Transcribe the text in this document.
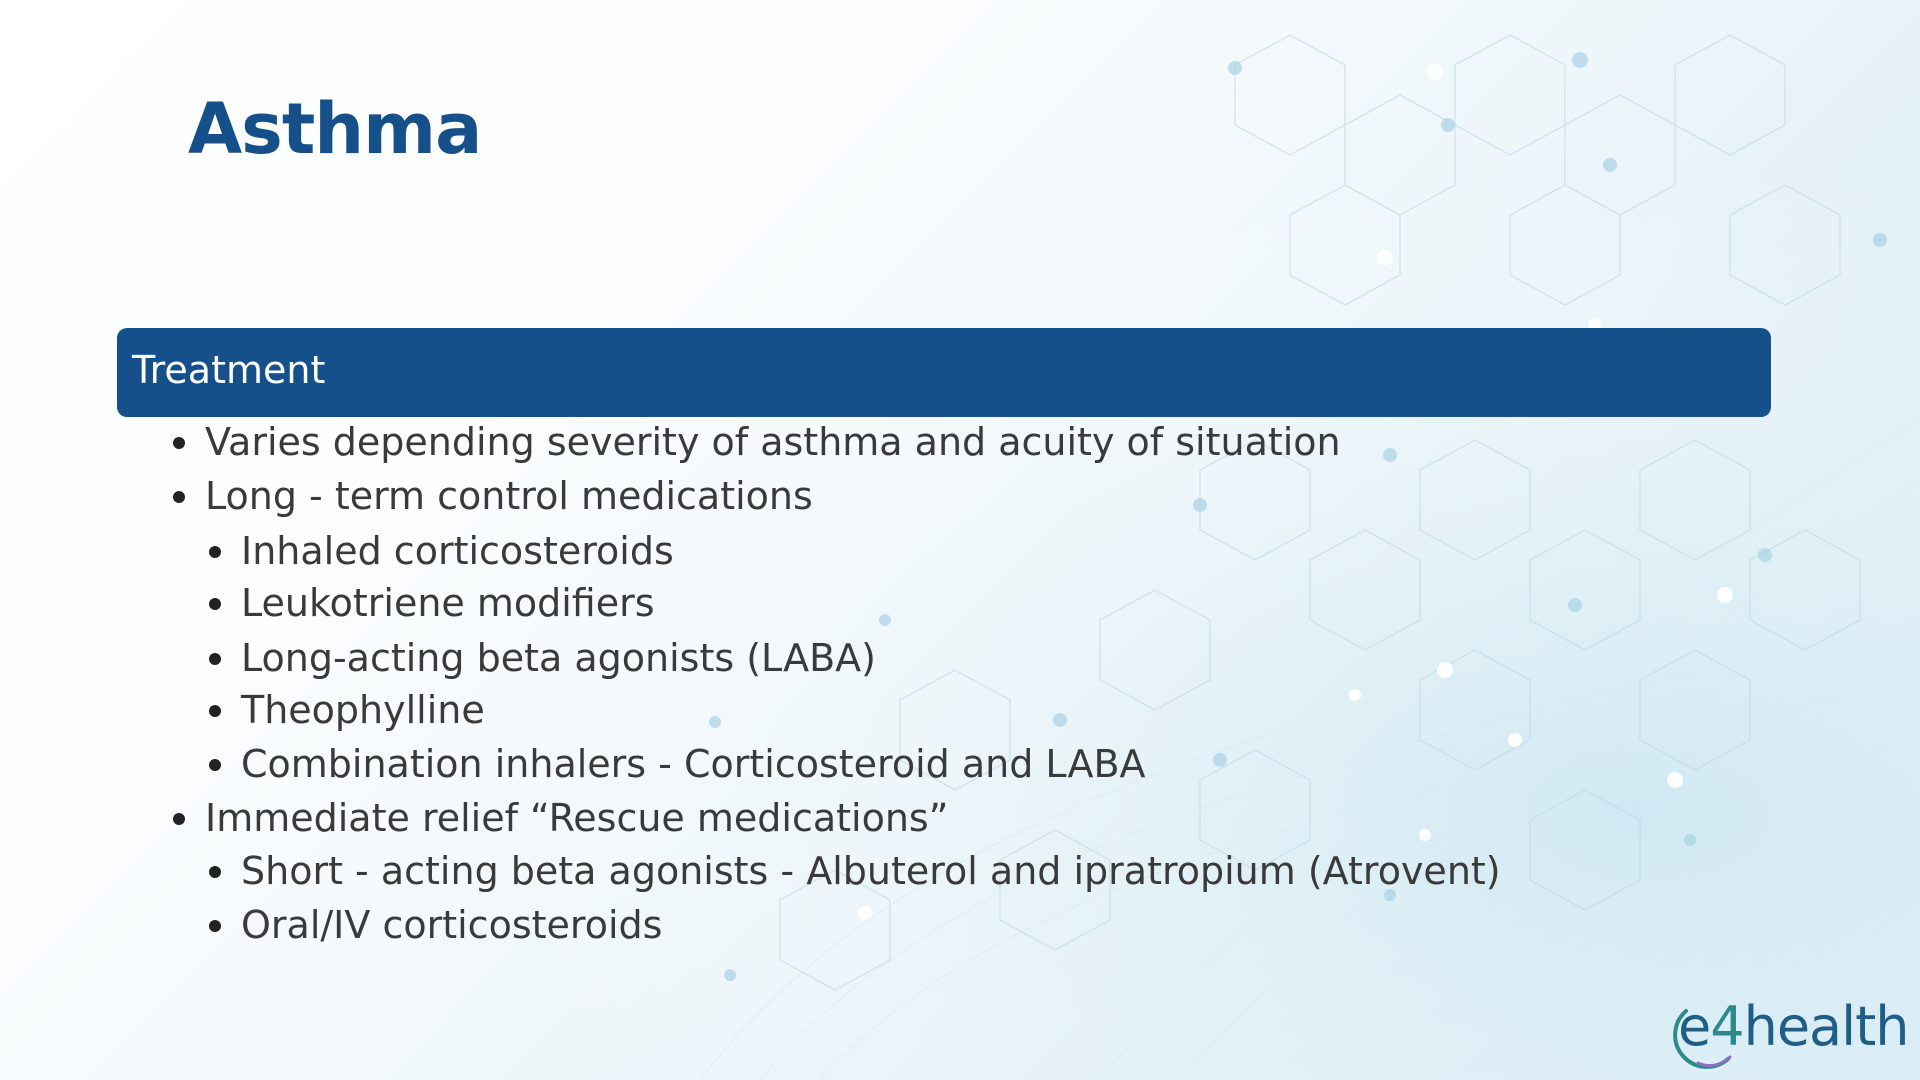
Asthma
Treatment
Varies depending severity of asthma and acuity of situation
Long - term control medications
Inhaled corticosteroids
Leukotriene modifiers
Long-acting beta agonists (LABA)
Theophylline
Combination inhalers - Corticosteroid and LABA
Immediate relief “Rescue medications”
Short - acting beta agonists - Albuterol and ipratropium (Atrovent)
Oral/IV corticosteroids
e4health
